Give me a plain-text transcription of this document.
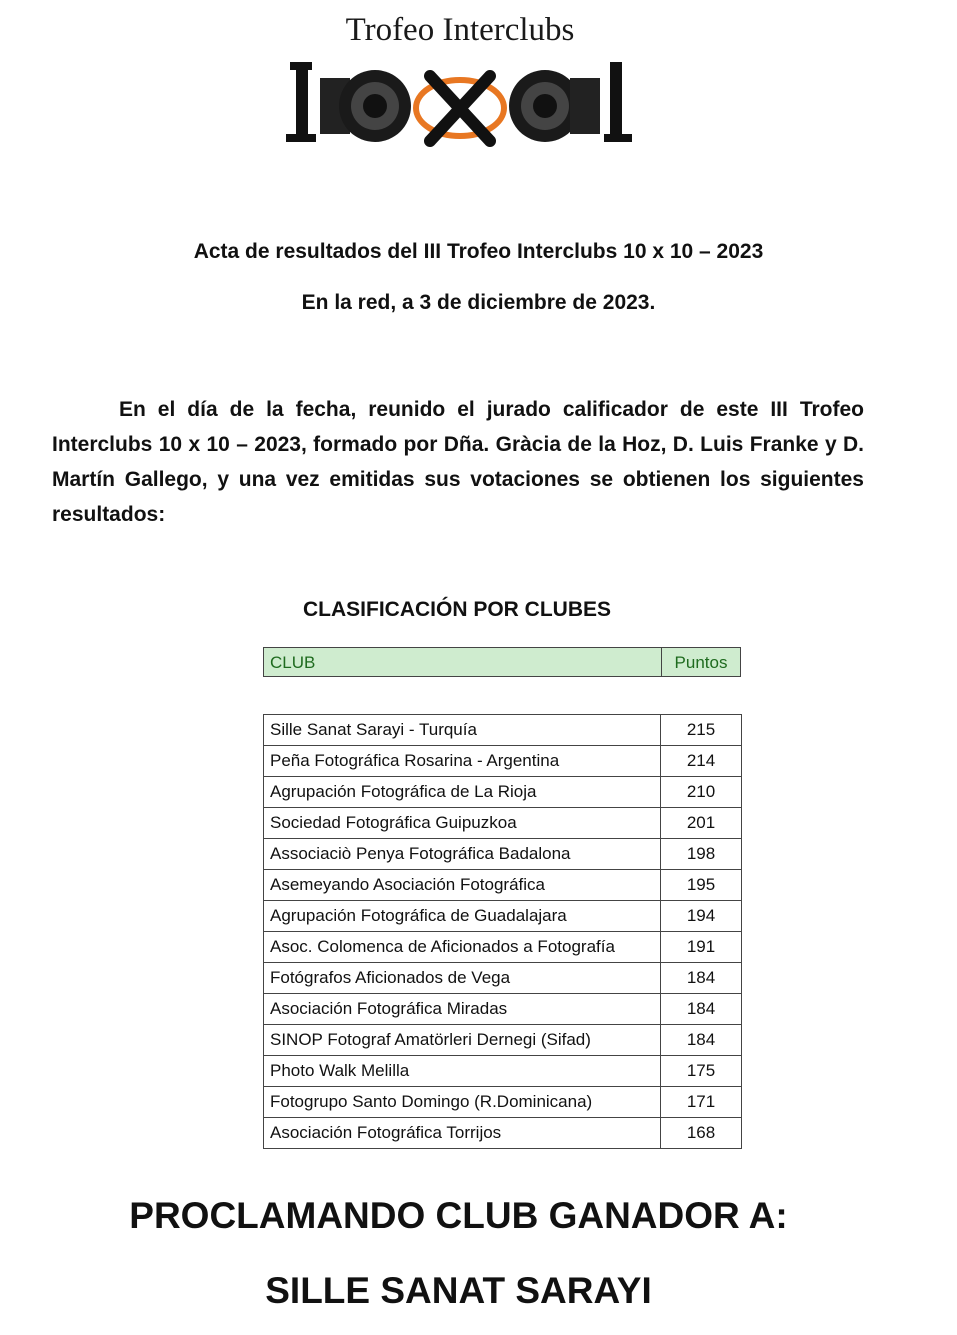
Trofeo Interclubs
Acta de resultados del III Trofeo Interclubs 10 x 10 – 2023
En la red, a 3 de diciembre de 2023.

En el día de la fecha, reunido el jurado calificador de este III Trofeo Interclubs 10 x 10 – 2023, formado por Dña. Gràcia de la Hoz, D. Luis Franke y D. Martín Gallego, y una vez emitidas sus votaciones se obtienen los siguientes resultados:

CLASIFICACIÓN POR CLUBES
CLUB	Puntos
Sille Sanat Sarayi - Turquía	215
Peña Fotográfica Rosarina - Argentina	214
Agrupación Fotográfica de La Rioja	210
Sociedad Fotográfica Guipuzkoa	201
Associaciò Penya Fotográfica Badalona	198
Asemeyando Asociación Fotográfica	195
Agrupación Fotográfica de Guadalajara	194
Asoc. Colomenca de Aficionados a Fotografía	191
Fotógrafos Aficionados de Vega	184
Asociación Fotográfica Miradas	184
SINOP Fotograf Amatörleri Dernegi (Sifad)	184
Photo Walk Melilla	175
Fotogrupo Santo Domingo (R.Dominicana)	171
Asociación Fotográfica Torrijos	168
PROCLAMANDO CLUB GANADOR A:
SILLE SANAT SARAYI
